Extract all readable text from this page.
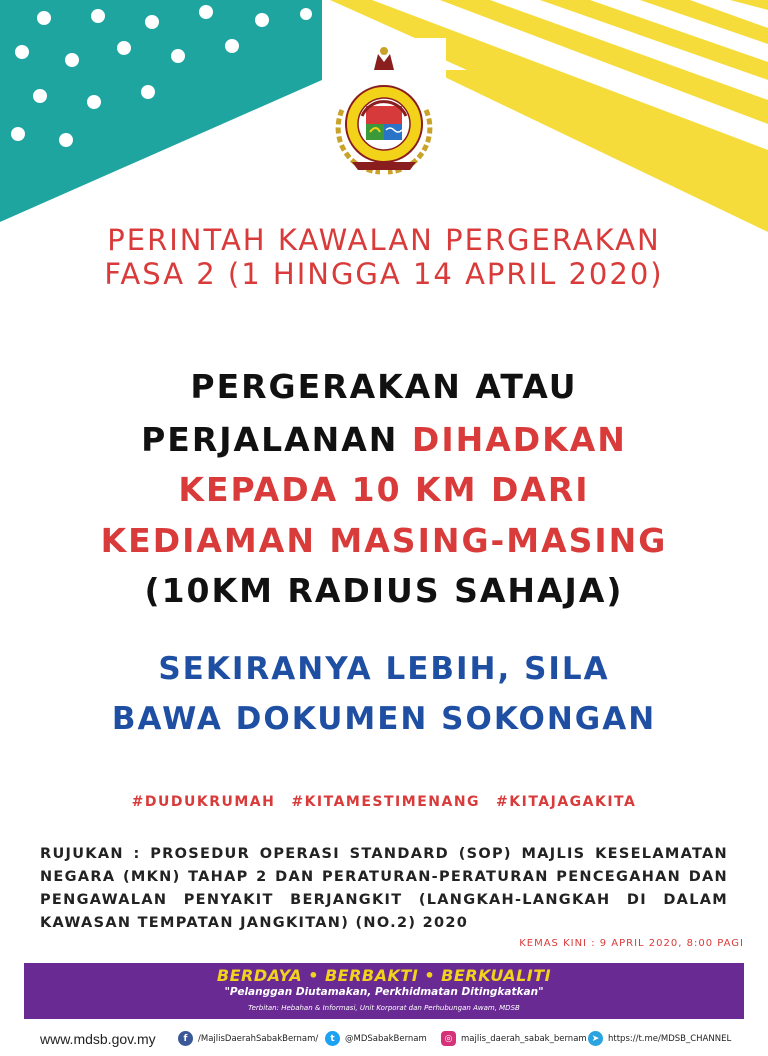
PERINTAH KAWALAN PERGERAKAN
FASA 2 (1 HINGGA 14 APRIL 2020)
PERGERAKAN ATAU
PERJALANAN DIHADKAN
KEPADA 10 KM DARI
KEDIAMAN MASING-MASING
(10KM RADIUS SAHAJA)
SEKIRANYA LEBIH, SILA
BAWA DOKUMEN SOKONGAN
#DUDUKRUMAH #KITAMESTIMENANG #KITAJAGAKITA
RUJUKAN : PROSEDUR OPERASI STANDARD (SOP) MAJLIS KESELAMATAN NEGARA (MKN) TAHAP 2 DAN PERATURAN-PERATURAN PENCEGAHAN DAN PENGAWALAN PENYAKIT BERJANGKIT (LANGKAH-LANGKAH DI DALAM KAWASAN TEMPATAN JANGKITAN) (NO.2) 2020
KEMAS KINI : 9 APRIL 2020, 8:00 PAGI
BERDAYA • BERBAKTI • BERKUALITI
"Pelanggan Diutamakan, Perkhidmatan Ditingkatkan"
Terbitan: Hebahan & Informasi, Unit Korporat dan Perhubungan Awam, MDSB
www.mdsb.gov.my	f	/MajlisDaerahSabakBernam/	t	@MDSabakBernam	◎	majlis_daerah_sabak_bernam ➤	https://t.me/MDSB_CHANNEL
